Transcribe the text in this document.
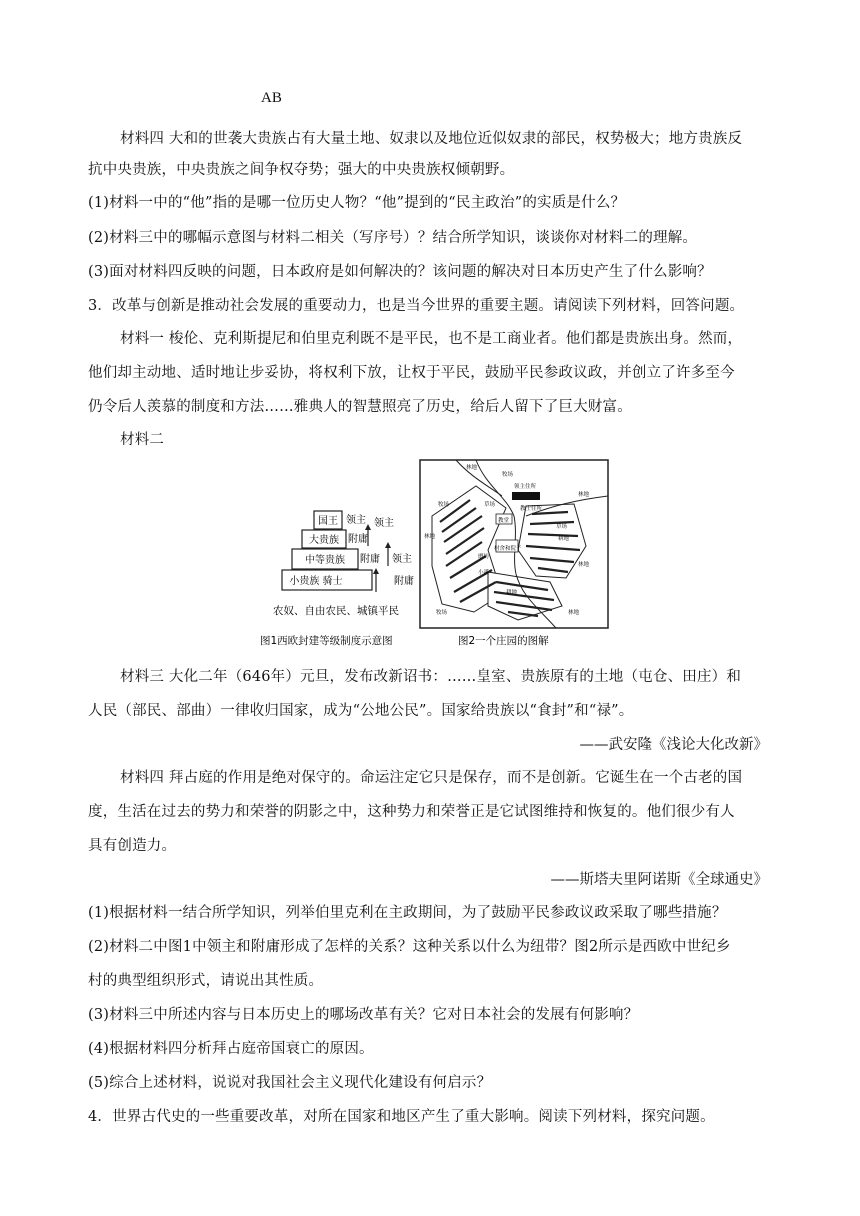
AB
材料四 大和的世袭大贵族占有大量土地、奴隶以及地位近似奴隶的部民，权势极大；地方贵族反
抗中央贵族，中央贵族之间争权夺势；强大的中央贵族权倾朝野。
(1)材料一中的“他”指的是哪一位历史人物？“他”提到的“民主政治”的实质是什么？
(2)材料三中的哪幅示意图与材料二相关（写序号）？结合所学知识，谈谈你对材料二的理解。
(3)面对材料四反映的问题，日本政府是如何解决的？该问题的解决对日本历史产生了什么影响？
3．改革与创新是推动社会发展的重要动力，也是当今世界的重要主题。请阅读下列材料，回答问题。
材料一 梭伦、克利斯提尼和伯里克利既不是平民，也不是工商业者。他们都是贵族出身。然而，
他们却主动地、适时地让步妥协，将权利下放，让权于平民，鼓励平民参政议政，并创立了许多至今
仍令后人羡慕的制度和方法……雅典人的智慧照亮了历史，给后人留下了巨大财富。
材料二
国王
大贵族
中等贵族
小贵族 骑士
领主
附庸
领主
附庸 领主
附庸
农奴、自由农民、城镇平民
林地
牧场
领主住所
教士住所
林地
草场
牧场
教堂
草场
耕地
林地
小溪
村舍和院子
磨坊
林地
耕地
牧场	林地
图1西欧封建等级制度示意图	图2一个庄园的图解
材料三 大化二年（646年）元旦，发布改新诏书：……皇室、贵族原有的土地（屯仓、田庄）和
人民（部民、部曲）一律收归国家，成为“公地公民”。国家给贵族以“食封”和“禄”。
——武安隆《浅论大化改新》
材料四 拜占庭的作用是绝对保守的。命运注定它只是保存，而不是创新。它诞生在一个古老的国
度，生活在过去的势力和荣誉的阴影之中，这种势力和荣誉正是它试图维持和恢复的。他们很少有人
具有创造力。
——斯塔夫里阿诺斯《全球通史》
(1)根据材料一结合所学知识，列举伯里克利在主政期间，为了鼓励平民参政议政采取了哪些措施？
(2)材料二中图1中领主和附庸形成了怎样的关系？这种关系以什么为纽带？图2所示是西欧中世纪乡
村的典型组织形式，请说出其性质。
(3)材料三中所述内容与日本历史上的哪场改革有关？它对日本社会的发展有何影响？
(4)根据材料四分析拜占庭帝国衰亡的原因。
(5)综合上述材料，说说对我国社会主义现代化建设有何启示？
4．世界古代史的一些重要改革，对所在国家和地区产生了重大影响。阅读下列材料，探究问题。
